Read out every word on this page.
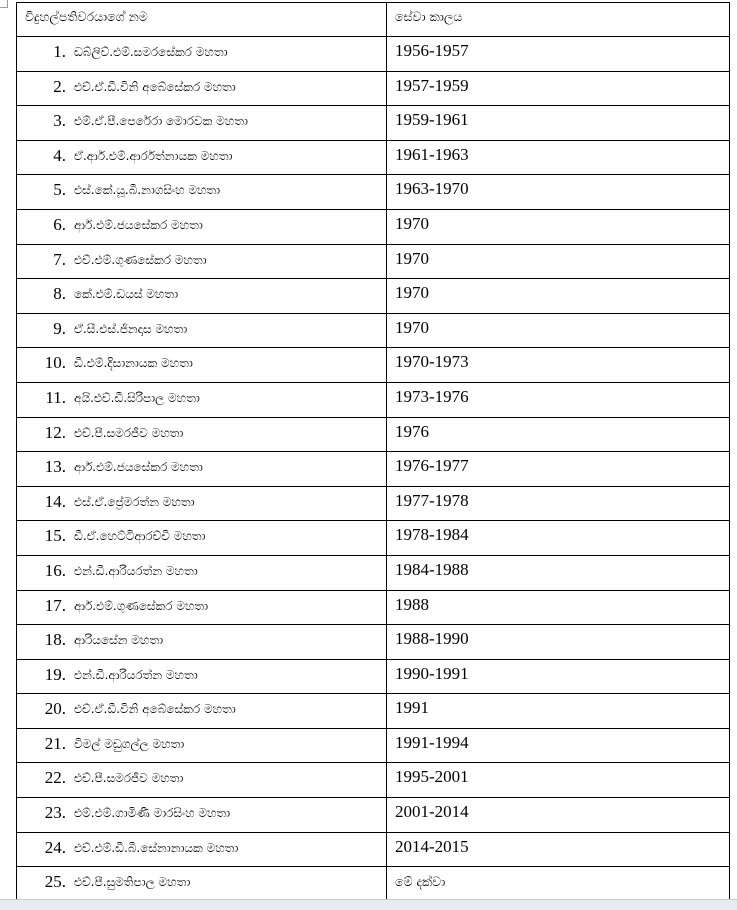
විදුහල්පතිවරයාගේ නම	සේවා කාලය

1. ඩබ්ලිව්.එම්.සමරසේකර මහතා	1956-1957

2. එච්.ඒ.ඩී.විනි අබේසේකර මහතා	1957-1959

3. එම්.ඒ.පී.පෙරේරා මොරවක මහතා	1959-1961

4. ඒ.ආර්.එම්.ආර්රත්නායක මහතා	1961-1963

5. එස්.කේ.යූ.බී.නාගසිංහ මහතා	1963-1970

6. ආර්.එම්.ජයසේකර මහතා	1970

7. එච්.එම්.ගුණසේකර මහතා	1970

8. කේ.එම්.ඩයස් මහතා	1970

9. ඒ.සී.එස්.ජිනදාස මහතා	1970

10. ඩී.එම්.දිසානායක මහතා	1970-1973

11. අයි.එච්.ඩී.සිරිපාල මහතා	1973-1976

12. එච්.පී.සමරජීව මහතා	1976

13. ආර්.එම්.ජයසේකර මහතා	1976-1977

14. එස්.ඒ.ප්‍රේමරත්න මහතා	1977-1978

15. ඩී.ඒ.හෙට්ටිආරච්චි මහතා	1978-1984

16. එන්.ඩී.ආරියරත්න මහතා	1984-1988

17. ආර්.එම්.ගුණසේකර මහතා	1988

18. ආරියසේන මහතා	1988-1990

19. එන්.ඩී.ආරියරත්න මහතා	1990-1991

20. එච්.ඒ.ඩී.විනි අබේසේකර මහතා	1991

21. විමල් මඩුගල්ල මහතා	1991-1994

22. එච්.පී.සමරජීව මහතා	1995-2001

23. එම්.එම්.ගාමිණී මාරසිංහ මහතා	2001-2014

24. එච්.එම්.ඩී.බී.සේනානායක මහතා	2014-2015

25. එච්.පී.සුමතිපාල මහතා	මේ දක්වා
